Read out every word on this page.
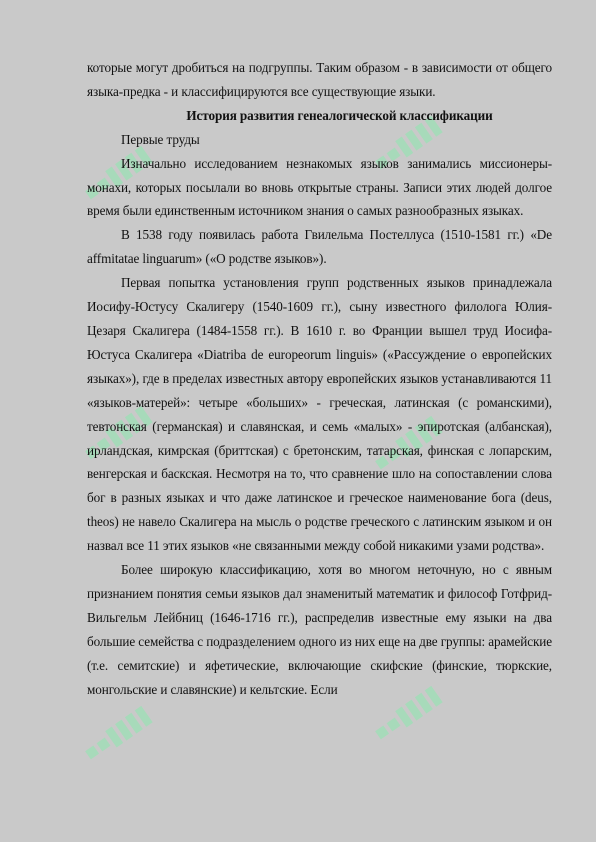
которые могут дробиться на подгруппы. Таким образом - в зависимости от общего языка-предка - и классифицируются все существующие языки.

История развития генеалогической классификации

Первые труды

Изначально исследованием незнакомых языков занимались миссионеры-монахи, которых посылали во вновь открытые страны. Записи этих людей долгое время были единственным источником знания о самых разнообразных языках.

В 1538 году появилась работа Гвилельма Постеллуса (1510-1581 гг.) «De affmitatae linguarum» («О родстве языков»).

Первая попытка установления групп родственных языков принадлежала Иосифу-Юстусу Скалигеру (1540-1609 гг.), сыну известного филолога Юлия-Цезаря Скалигера (1484-1558 гг.). В 1610 г. во Франции вышел труд Иосифа-Юстуса Скалигера «Diatriba de europeorum linguis» («Рассуждение о европейских языках»), где в пределах известных автору европейских языков устанавливаются 11 «языков-матерей»: четыре «больших» - греческая, латинская (с романскими), тевтонская (германская) и славянская, и семь «малых» - эпиротская (албанская), ирландская, кимрская (бриттская) с бретонским, татарская, финская с лопарским, венгерская и баскская. Несмотря на то, что сравнение шло на сопоставлении слова бог в разных языках и что даже латинское и греческое наименование бога (deus, theos) не навело Скалигера на мысль о родстве греческого с латинским языком и он назвал все 11 этих языков «не связанными между собой никакими узами родства».

Более широкую классификацию, хотя во многом неточную, но с явным признанием понятия семьи языков дал знаменитый математик и философ Готфрид-Вильгельм Лейбниц (1646-1716 гг.), распределив известные ему языки на два большие семейства с подразделением одного из них еще на две группы: арамейские (т.е. семитские) и яфетические, включающие скифские (финские, тюркские, монгольские и славянские) и кельтские. Если
